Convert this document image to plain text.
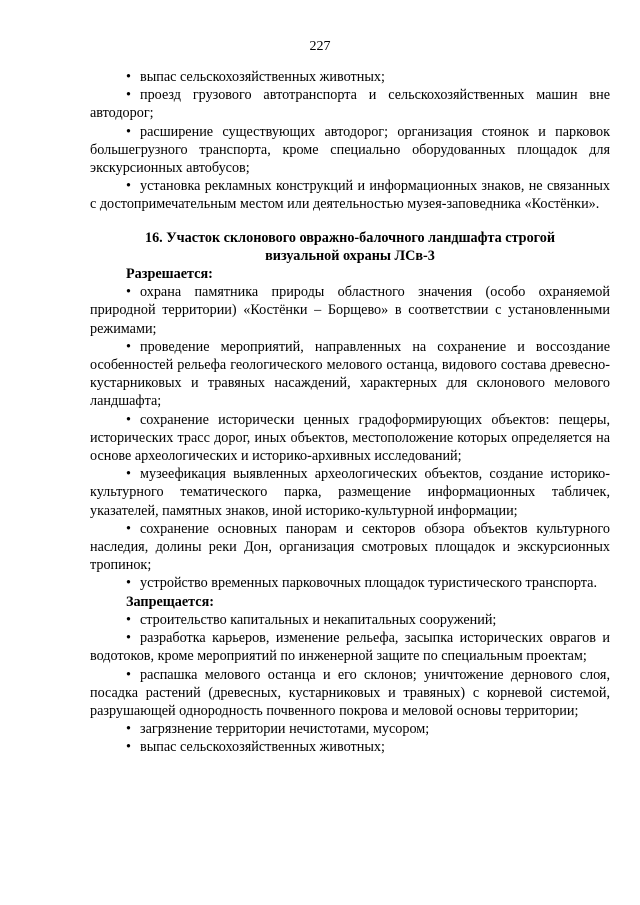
227

• выпас сельскохозяйственных животных;

• проезд грузового автотранспорта и сельскохозяйственных машин вне автодорог;

• расширение существующих автодорог; организация стоянок и парковок большегрузного транспорта, кроме специально оборудованных площадок для экскурсионных автобусов;

• установка рекламных конструкций и информационных знаков, не связанных с достопримечательным местом или деятельностью музея-заповедника «Костёнки».

16. Участок склонового овражно-балочного ландшафта строгой визуальной охраны ЛСв-3

Разрешается:

• охрана памятника природы областного значения (особо охраняемой природной территории) «Костёнки – Борщево» в соответствии с установленными режимами;

• проведение мероприятий, направленных на сохранение и воссоздание особенностей рельефа геологического мелового останца, видового состава древесно-кустарниковых и травяных насаждений, характерных для склонового мелового ландшафта;

• сохранение исторически ценных градоформирующих объектов: пещеры, исторических трасс дорог, иных объектов, местоположение которых определяется на основе археологических и историко-архивных исследований;

• музеефикация выявленных археологических объектов, создание историко-культурного тематического парка, размещение информационных табличек, указателей, памятных знаков, иной историко-культурной информации;

• сохранение основных панорам и секторов обзора объектов культурного наследия, долины реки Дон, организация смотровых площадок и экскурсионных тропинок;

• устройство временных парковочных площадок туристического транспорта.

Запрещается:

• строительство капитальных и некапитальных сооружений;

• разработка карьеров, изменение рельефа, засыпка исторических оврагов и водотоков, кроме мероприятий по инженерной защите по специальным проектам;

• распашка мелового останца и его склонов; уничтожение дернового слоя, посадка растений (древесных, кустарниковых и травяных) с корневой системой, разрушающей однородность почвенного покрова и меловой основы территории;

• загрязнение территории нечистотами, мусором;

• выпас сельскохозяйственных животных;
